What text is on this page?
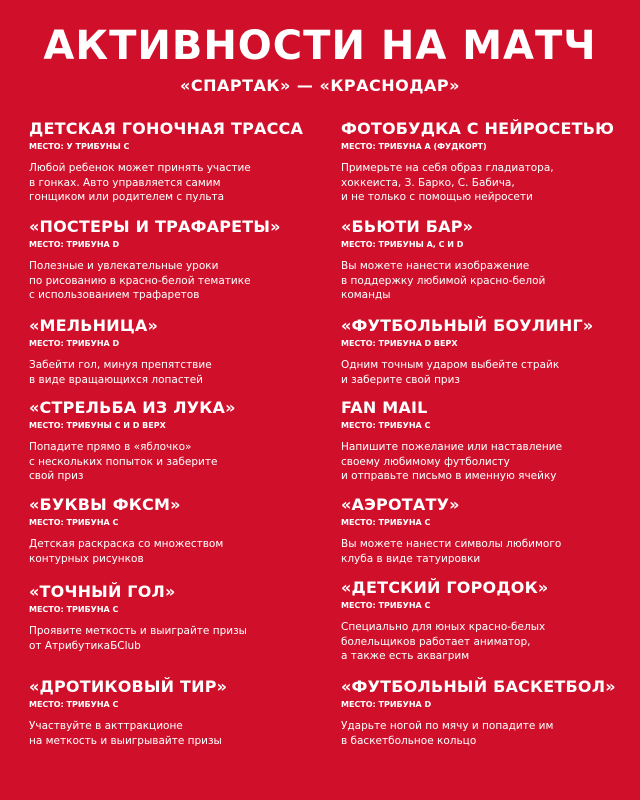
АКТИВНОСТИ НА МАТЧ
«СПАРТАК» — «КРАСНОДАР»
ДЕТСКАЯ ГОНОЧНАЯ ТРАССА
МЕСТО: У ТРИБУНЫ C
Любой ребенок может принять участие
в гонках. Авто управляется самим
гонщиком или родителем с пульта
«ПОСТЕРЫ И ТРАФАРЕТЫ»
МЕСТО: ТРИБУНА D
Полезные и увлекательные уроки
по рисованию в красно-белой тематике
с использованием трафаретов
«МЕЛЬНИЦА»
МЕСТО: ТРИБУНА D
Забейти гол, минуя препятствие
в виде вращающихся лопастей
«СТРЕЛЬБА ИЗ ЛУКА»
МЕСТО: ТРИБУНЫ C И D ВЕРХ
Попадите прямо в «яблочко»
с нескольких попыток и заберите
свой приз
«БУКВЫ ФКСМ»
МЕСТО: ТРИБУНА C
Детская раскраска со множеством
контурных рисунков
«ТОЧНЫЙ ГОЛ»
МЕСТО: ТРИБУНА C
Проявите меткость и выиграйте призы
от АтрибутикаБClub
«ДРОТИКОВЫЙ ТИР»
МЕСТО: ТРИБУНА C
Участвуйте в акттракционе
на меткость и выигрывайте призы
ФОТОБУДКА С НЕЙРОСЕТЬЮ
МЕСТО: ТРИБУНА А (ФУДКОРТ)
Примерьте на себя образ гладиатора,
хоккеиста, З. Барко, С. Бабича,
и не только с помощью нейросети
«БЬЮТИ БАР»
МЕСТО: ТРИБУНЫ А, С И D
Вы можете нанести изображение
в поддержку любимой красно-белой
команды
«ФУТБОЛЬНЫЙ БОУЛИНГ»
МЕСТО: ТРИБУНА D ВЕРХ
Одним точным ударом выбейте страйк
и заберите свой приз
FAN MAIL
МЕСТО: ТРИБУНА C
Напишите пожелание или наставление
своему любимому футболисту
и отправьте письмо в именную ячейку
«АЭРОТАТУ»
МЕСТО: ТРИБУНА C
Вы можете нанести символы любимого
клуба в виде татуировки
«ДЕТСКИЙ ГОРОДОК»
МЕСТО: ТРИБУНА C
Специально для юных красно-белых
болельщиков работает аниматор,
а также есть аквагрим
«ФУТБОЛЬНЫЙ БАСКЕТБОЛ»
МЕСТО: ТРИБУНА D
Ударьте ногой по мячу и попадите им
в баскетбольное кольцо
